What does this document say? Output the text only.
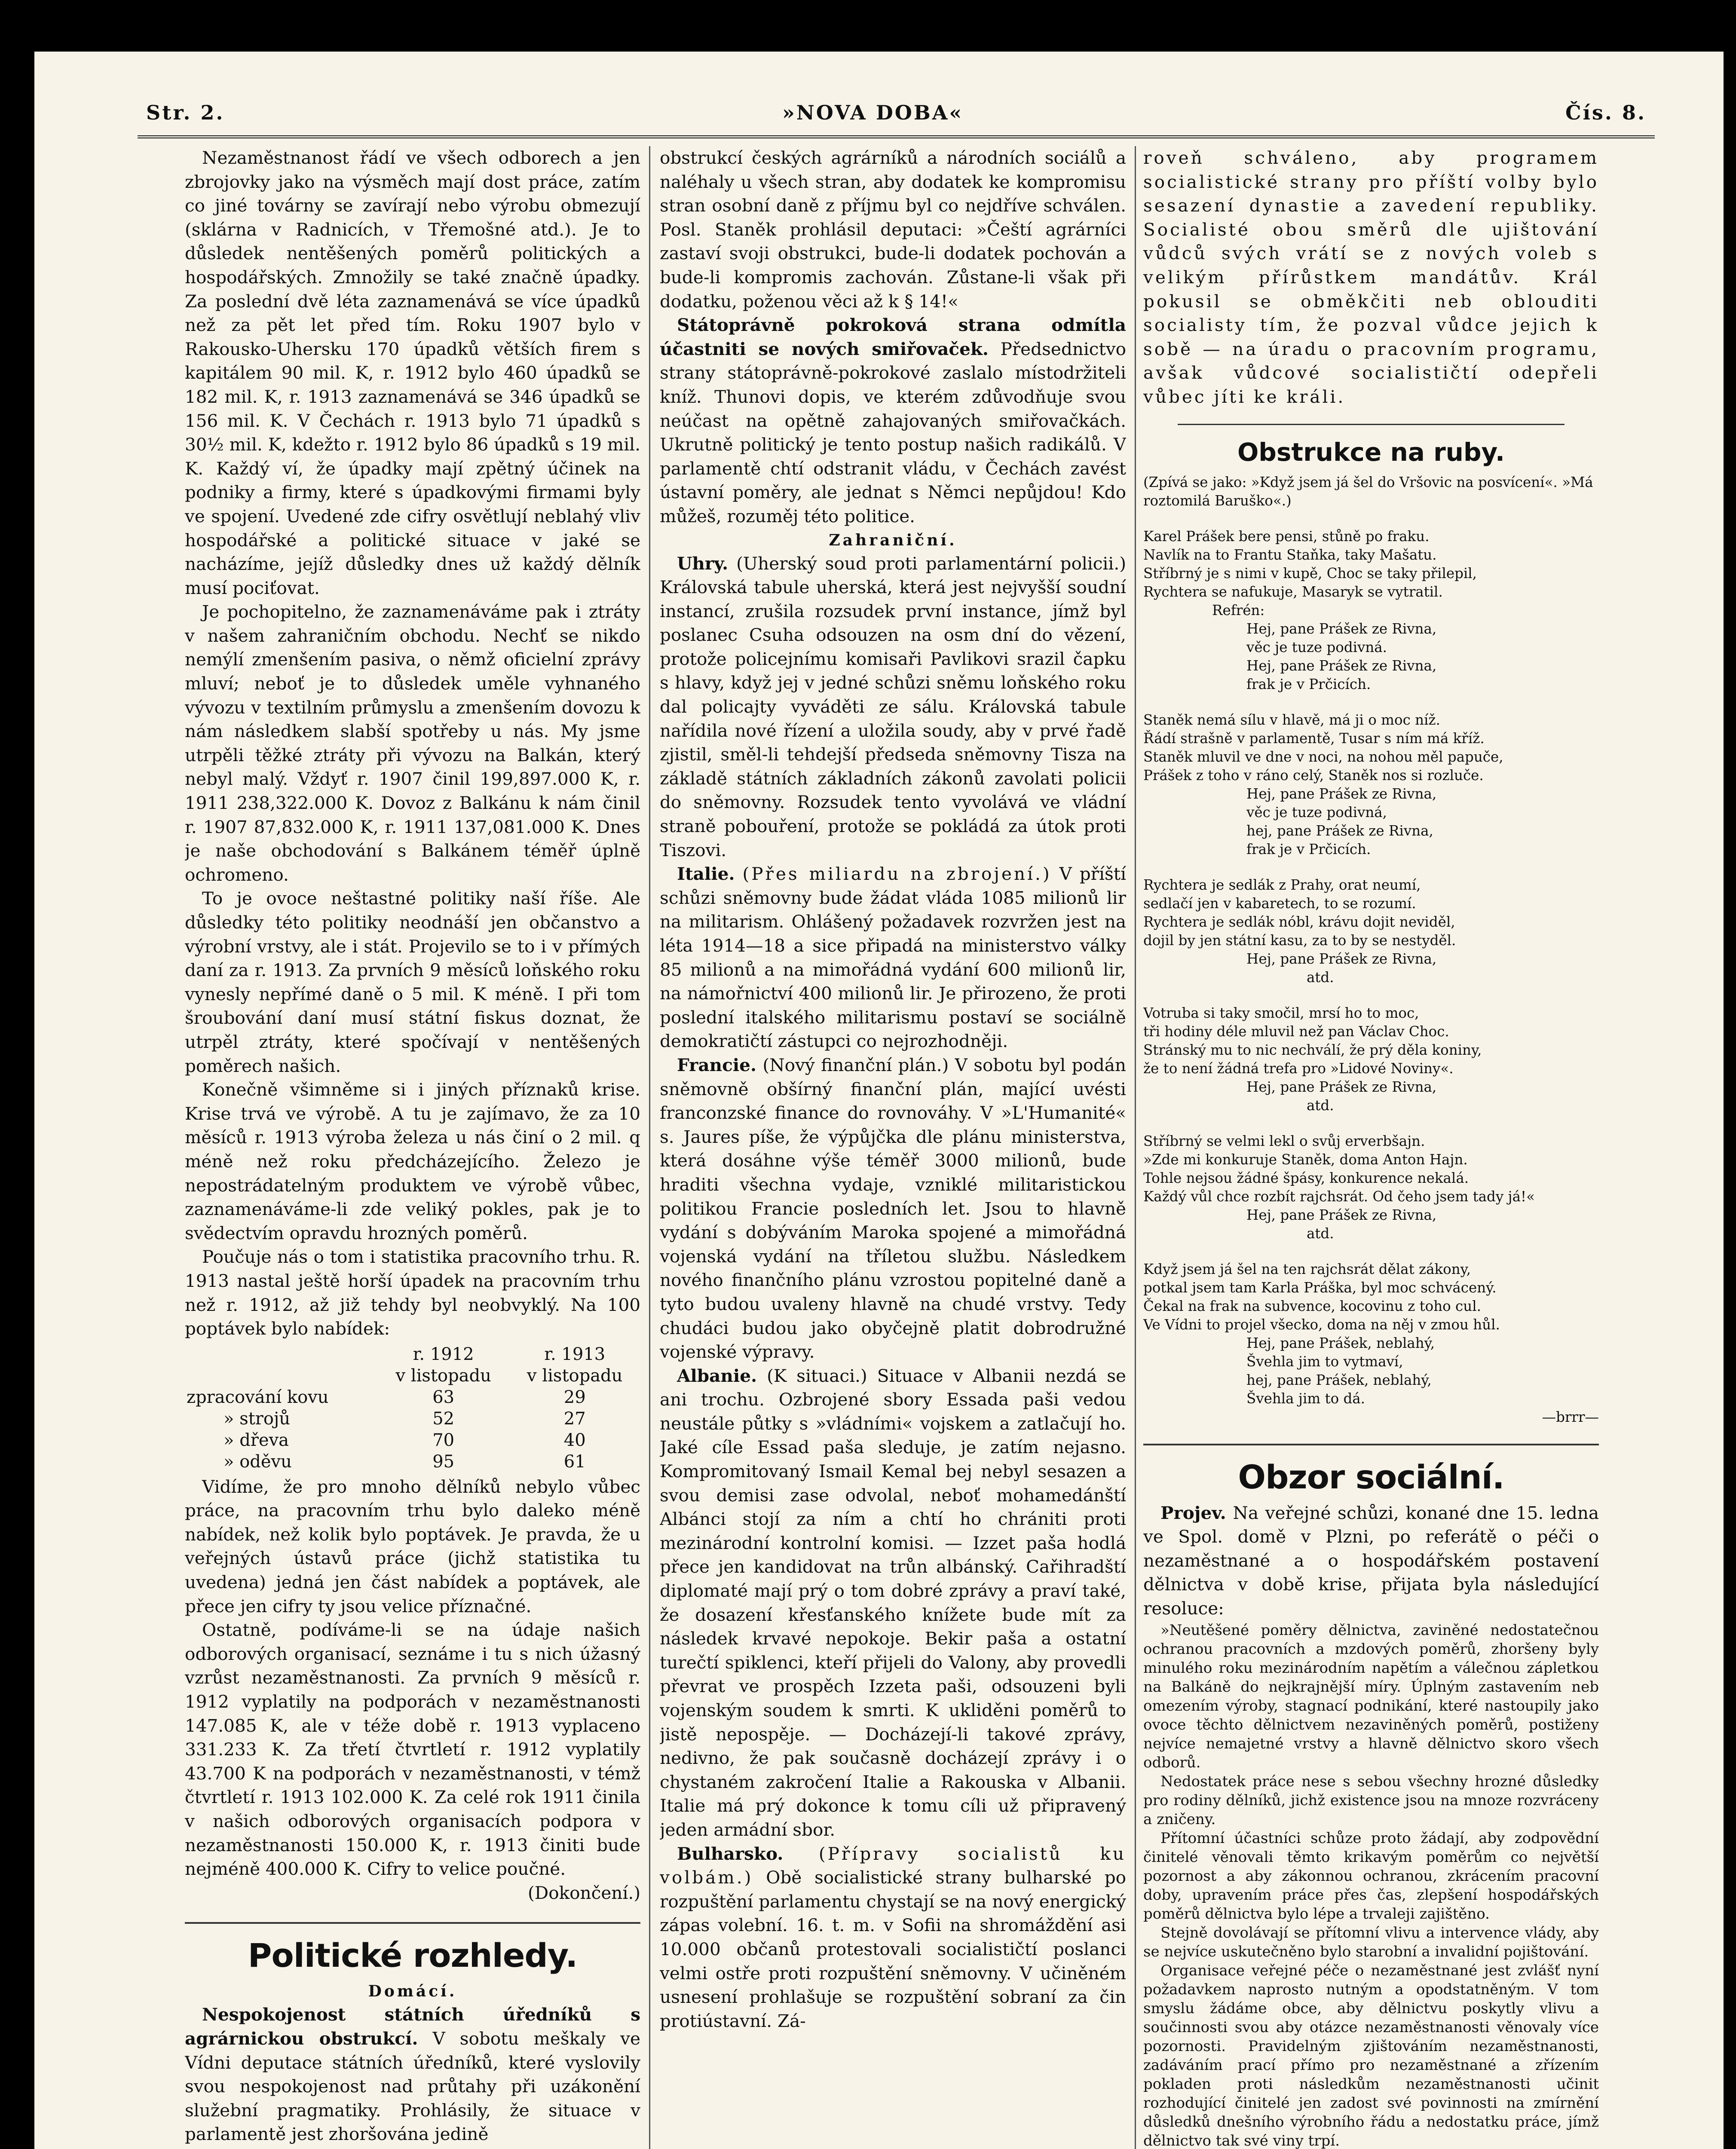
Str. 2.	»NOVA DOBA«	Čís. 8.

Nezaměstnanost řádí ve všech odborech a jen zbrojovky jako na výsměch mají dost práce, zatím co jiné továrny se zavírají nebo výrobu obmezují (sklárna v Radnicích, v Třemošné atd.). Je to důsledek nentěšených poměrů politických a hospodářských. Zmnožily se také značně úpadky. Za poslední dvě léta zaznamenává se více úpadků než za pět let před tím. Roku 1907 bylo v Rakousko-Uhersku 170 úpadků větších firem s kapitálem 90 mil. K, r. 1912 bylo 460 úpadků se 182 mil. K, r. 1913 zaznamenává se 346 úpadků se 156 mil. K. V Čechách r. 1913 bylo 71 úpadků s 30½ mil. K, kdežto r. 1912 bylo 86 úpadků s 19 mil. K. Každý ví, že úpadky mají zpětný účinek na podniky a firmy, které s úpadkovými firmami byly ve spojení. Uvedené zde cifry osvětlují neblahý vliv hospodářské a politické situace v jaké se nacházíme, jejíž důsledky dnes už každý dělník musí pociťovat.

Je pochopitelno, že zaznamenáváme pak i ztráty v našem zahraničním obchodu. Nechť se nikdo nemýlí zmenšením pasiva, o němž oficielní zprávy mluví; neboť je to důsledek uměle vyhnaného vývozu v textilním průmyslu a zmenšením dovozu k nám následkem slabší spotřeby u nás. My jsme utrpěli těžké ztráty při vývozu na Balkán, který nebyl malý. Vždyť r. 1907 činil 199,897.000 K, r. 1911 238,322.000 K. Dovoz z Balkánu k nám činil r. 1907 87,832.000 K, r. 1911 137,081.000 K. Dnes je naše obchodování s Balkánem téměř úplně ochromeno.

To je ovoce neštastné politiky naší říše. Ale důsledky této politiky neodnáší jen občanstvo a výrobní vrstvy, ale i stát. Projevilo se to i v přímých daní za r. 1913. Za prvních 9 měsíců loňského roku vynesly nepřímé daně o 5 mil. K méně. I při tom šroubování daní musí státní fiskus doznat, že utrpěl ztráty, které spočívají v nentěšených poměrech našich.

Konečně všimněme si i jiných příznaků krise. Krise trvá ve výrobě. A tu je zajímavo, že za 10 měsíců r. 1913 výroba železa u nás činí o 2 mil. q méně než roku předcházejícího. Železo je nepostrádatelným produktem ve výrobě vůbec, zaznamenáváme-li zde veliký pokles, pak je to svědectvím opravdu hrozných poměrů.

Poučuje nás o tom i statistika pracovního trhu. R. 1913 nastal ještě horší úpadek na pracovním trhu než r. 1912, až již tehdy byl neobvyklý. Na 100 poptávek bylo nabídek:

	r. 1912	r. 1913
	v listopadu	v listopadu
zpracování kovu	63	29
» strojů	52	27
» dřeva	70	40
» oděvu	95	61

Vidíme, že pro mnoho dělníků nebylo vůbec práce, na pracovním trhu bylo daleko méně nabídek, než kolik bylo poptávek. Je pravda, že u veřejných ústavů práce (jichž statistika tu uvedena) jedná jen část nabídek a poptávek, ale přece jen cifry ty jsou velice příznačné.

Ostatně, podíváme-li se na údaje našich odborových organisací, seznáme i tu s nich úžasný vzrůst nezaměstnanosti. Za prvních 9 měsíců r. 1912 vyplatily na podporách v nezaměstnanosti 147.085 K, ale v téže době r. 1913 vyplaceno 331.233 K. Za třetí čtvrtletí r. 1912 vyplatily 43.700 K na podporách v nezaměstnanosti, v témž čtvrtletí r. 1913 102.000 K. Za celé rok 1911 činila v našich odborových organisacích podpora v nezaměstnanosti 150.000 K, r. 1913 činiti bude nejméně 400.000 K. Cifry to velice poučné.

(Dokončení.)
Politické rozhledy.
Domácí.

Nespokojenost státních úředníků s agrárnickou obstrukcí. V sobotu meškaly ve Vídni deputace státních úředníků, které vyslovily svou nespokojenost nad průtahy při uzákonění služební pragmatiky. Prohlásily, že situace v parlamentě jest zhoršována jedině

obstrukcí českých agrárníků a národních sociálů a naléhaly u všech stran, aby dodatek ke kompromisu stran osobní daně z příjmu byl co nejdříve schválen. Posl. Staněk prohlásil deputaci: »Čeští agrárníci zastaví svoji obstrukci, bude-li dodatek pochován a bude-li kompromis zachován. Zůstane-li však při dodatku, poženou věci až k § 14!«

Státoprávně pokroková strana odmítla účastniti se nových smiřovaček. Předsednictvo strany státoprávně-pokrokové zaslalo místodržiteli kníž. Thunovi dopis, ve kterém zdůvodňuje svou neúčast na opětně zahajovaných smiřovačkách. Ukrutně politický je tento postup našich radikálů. V parlamentě chtí odstranit vládu, v Čechách zavést ústavní poměry, ale jednat s Němci nepůjdou! Kdo můžeš, rozuměj této politice.

Zahraniční.

Uhry. (Uherský soud proti parlamentární policii.) Královská tabule uherská, která jest nejvyšší soudní instancí, zrušila rozsudek první instance, jímž byl poslanec Csuha odsouzen na osm dní do vězení, protože policejnímu komisaři Pavlikovi srazil čapku s hlavy, když jej v jedné schůzi sněmu loňského roku dal policajty vyváděti ze sálu. Královská tabule nařídila nové řízení a uložila soudy, aby v prvé řadě zjistil, směl-li tehdejší předseda sněmovny Tisza na základě státních základních zákonů zavolati policii do sněmovny. Rozsudek tento vyvolává ve vládní straně pobouření, protože se pokládá za útok proti Tiszovi.

Italie. (Přes miliardu na zbrojení.) V příští schůzi sněmovny bude žádat vláda 1085 milionů lir na militarism. Ohlášený požadavek rozvržen jest na léta 1914—18 a sice připadá na ministerstvo války 85 milionů a na mimořádná vydání 600 milionů lir, na námořnictví 400 milionů lir. Je přirozeno, že proti poslední italského militarismu postaví se sociálně demokratičtí zástupci co nejrozhodněji.

Francie. (Nový finanční plán.) V sobotu byl podán sněmovně obšírný finanční plán, mající uvésti franconzské finance do rovnováhy. V »L'Humanité« s. Jaures píše, že výpůjčka dle plánu ministerstva, která dosáhne výše téměř 3000 milionů, bude hraditi všechna vydaje, vzniklé militaristickou politikou Francie posledních let. Jsou to hlavně vydání s dobýváním Maroka spojené a mimořádná vojenská vydání na tříletou službu. Následkem nového finančního plánu vzrostou popitelné daně a tyto budou uvaleny hlavně na chudé vrstvy. Tedy chudáci budou jako obyčejně platit dobrodružné vojenské výpravy.

Albanie. (K situaci.) Situace v Albanii nezdá se ani trochu. Ozbrojené sbory Essada paši vedou neustále půtky s »vládními« vojskem a zatlačují ho. Jaké cíle Essad paša sleduje, je zatím nejasno. Kompromitovaný Ismail Kemal bej nebyl sesazen a svou demisi zase odvolal, neboť mohamedánští Albánci stojí za ním a chtí ho chrániti proti mezinárodní kontrolní komisi. — Izzet paša hodlá přece jen kandidovat na trůn albánský. Cařihradští diplomaté mají prý o tom dobré zprávy a praví také, že dosazení křesťanského knížete bude mít za následek krvavé nepokoje. Bekir paša a ostatní turečtí spiklenci, kteří přijeli do Valony, aby provedli převrat ve prospěch Izzeta paši, odsouzeni byli vojenským soudem k smrti. K ukliděni poměrů to jistě nepospěje. — Docházejí-li takové zprávy, nedivno, že pak současně docházejí zprávy i o chystaném zakročení Italie a Rakouska v Albanii. Italie má prý dokonce k tomu cíli už připravený jeden armádní sbor.

Bulharsko. (Přípravy socialistů ku volbám.) Obě socialistické strany bulharské po rozpuštění parlamentu chystají se na nový energický zápas volební. 16. t. m. v Sofii na shromáždění asi 10.000 občanů protestovali socialističtí poslanci velmi ostře proti rozpuštění sněmovny. V učiněném usnesení prohlašuje se rozpuštění sobraní za čin protiústavní. Zá-

roveň schváleno, aby programem socialistické strany pro příští volby bylo sesazení dynastie a zavedení republiky. Socialisté obou směrů dle ujištování vůdců svých vrátí se z nových voleb s velikým přírůstkem mandátův. Král pokusil se obměkčiti neb oblouditi socialisty tím, že pozval vůdce jejich k sobě — na úradu o pracovním programu, avšak vůdcové socialističtí odepřeli vůbec jíti ke králi.

Obstrukce na ruby.
(Zpívá se jako: »Když jsem já šel do Vršovic na posvícení«. »Má roztomilá Baruško«.)
Karel Prášek bere pensi, stůně po fraku.
Navlík na to Frantu Staňka, taky Mašatu.
Stříbrný je s nimi v kupě, Choc se taky přilepil,
Rychtera se nafukuje, Masaryk se vytratil.
Refrén:
Hej, pane Prášek ze Rivna,
věc je tuze podivná.
Hej, pane Prášek ze Rivna,
frak je v Prčicích.
Staněk nemá sílu v hlavě, má ji o moc níž.
Řádí strašně v parlamentě, Tusar s ním má kříž.
Staněk mluvil ve dne v noci, na nohou měl papuče,
Prášek z toho v ráno celý, Staněk nos si rozluče.
Hej, pane Prášek ze Rivna,
věc je tuze podivná,
hej, pane Prášek ze Rivna,
frak je v Prčicích.
Rychtera je sedlák z Prahy, orat neumí,
sedlačí jen v kabaretech, to se rozumí.
Rychtera je sedlák nóbl, krávu dojit neviděl,
dojil by jen státní kasu, za to by se nestyděl.
Hej, pane Prášek ze Rivna,
atd.
Votruba si taky smočil, mrsí ho to moc,
tři hodiny déle mluvil než pan Václav Choc.
Stránský mu to nic nechválí, že prý děla koniny,
že to není žádná trefa pro »Lidové Noviny«.
Hej, pane Prášek ze Rivna,
atd.
Stříbrný se velmi lekl o svůj erverbšajn.
»Zde mi konkuruje Staněk, doma Anton Hajn.
Tohle nejsou žádné špásy, konkurence nekalá.
Každý vůl chce rozbít rajchsrát. Od čeho jsem tady já!«
Hej, pane Prášek ze Rivna,
atd.
Když jsem já šel na ten rajchsrát dělat zákony,
potkal jsem tam Karla Práška, byl moc schvácený.
Čekal na frak na subvence, kocovinu z toho cul.
Ve Vídni to projel všecko, doma na něj v zmou hůl.
Hej, pane Prášek, neblahý,
Švehla jim to vytmaví,
hej, pane Prášek, neblahý,
Švehla jim to dá.
—brrr—
Obzor sociální.

Projev. Na veřejné schůzi, konané dne 15. ledna ve Spol. domě v Plzni, po referátě o péči o nezaměstnané a o hospodářském postavení dělnictva v době krise, přijata byla následující resoluce:

»Neutěšené poměry dělnictva, zaviněné nedostatečnou ochranou pracovních a mzdových poměrů, zhoršeny byly minulého roku mezinárodním napětím a válečnou zápletkou na Balkáně do nejkrajnější míry. Úplným zastavením neb omezením výroby, stagnací podnikání, které nastoupily jako ovoce těchto dělnictvem nezaviněných poměrů, postiženy nejvíce nemajetné vrstvy a hlavně dělnictvo skoro všech odborů.

Nedostatek práce nese s sebou všechny hrozné důsledky pro rodiny dělníků, jichž existence jsou na mnoze rozvráceny a zničeny.

Přítomní účastníci schůze proto žádají, aby zodpovědní činitelé věnovali těmto krikavým poměrům co největší pozornost a aby zákonnou ochranou, zkrácením pracovní doby, upravením práce přes čas, zlepšení hospodářských poměrů dělnictva bylo lépe a trvaleji zajištěno.

Stejně dovolávají se přítomní vlivu a intervence vlády, aby se nejvíce uskutečněno bylo starobní a invalidní pojištování.

Organisace veřejné péče o nezaměstnané jest zvlášť nyní požadavkem naprosto nutným a opodstatněným. V tom smyslu žádáme obce, aby dělnictvu poskytly vlivu a součinnosti svou aby otázce nezaměstnanosti věnovaly více pozornosti. Pravidelným zjištováním nezaměstnanosti, zadáváním prací přímo pro nezaměstnané a zřízením pokladen proti následkům nezaměstnanosti učinit rozhodující činitelé jen zadost své povinnosti na zmírnění důsledků dnešního výrobního řádu a nedostatku práce, jímž dělnictvo tak své viny trpí.
